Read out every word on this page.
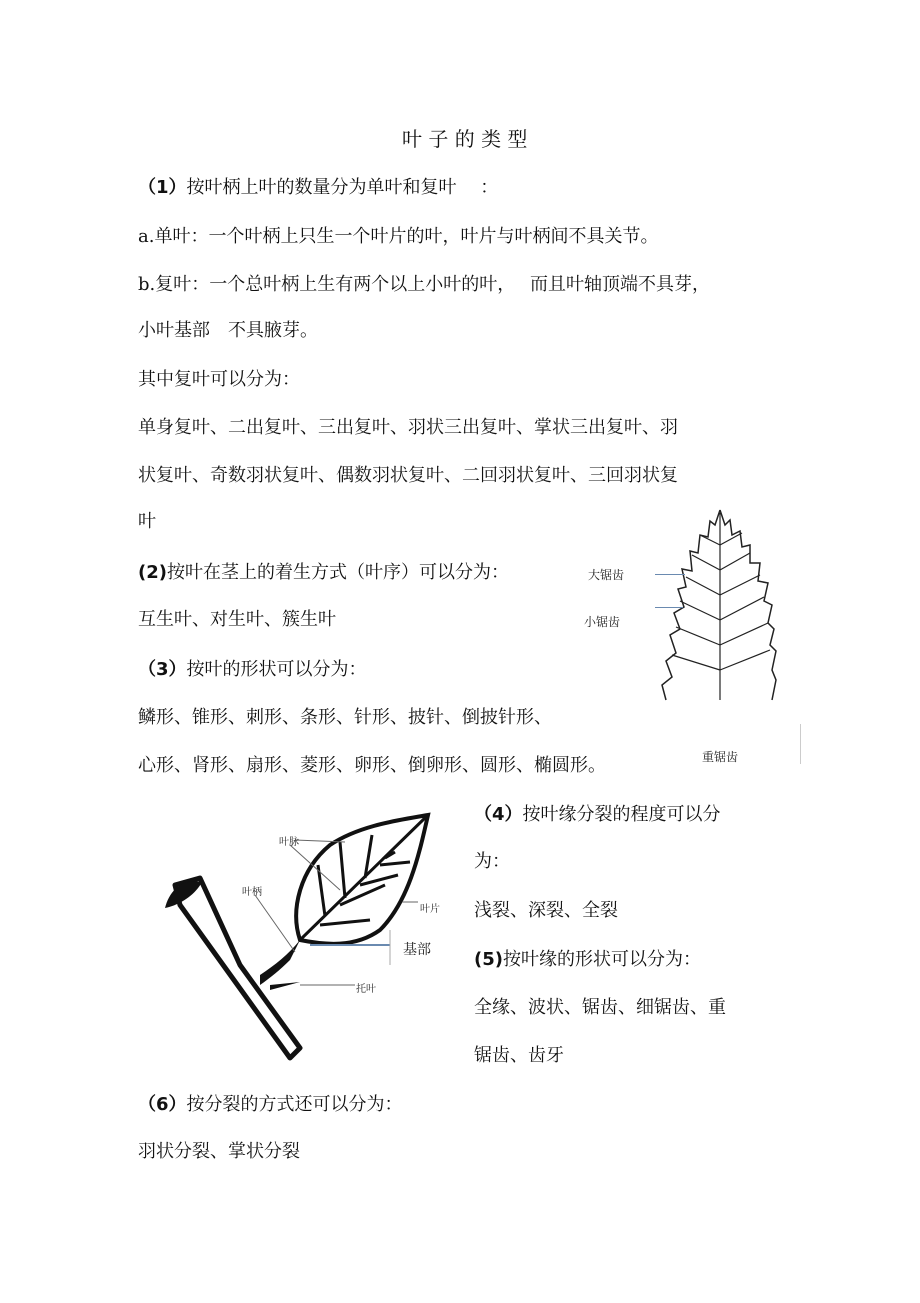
叶 子 的 类 型
（1）按叶柄上叶的数量分为单叶和复叶　 ：
a.单叶：一个叶柄上只生一个叶片的叶，叶片与叶柄间不具关节。
b.复叶：一个总叶柄上生有两个以上小叶的叶，　 而且叶轴顶端不具芽，
小叶基部　不具腋芽。
其中复叶可以分为：
单身复叶、二出复叶、三出复叶、羽状三出复叶、掌状三出复叶、羽
状复叶、奇数羽状复叶、偶数羽状复叶、二回羽状复叶、三回羽状复
叶
(2)按叶在茎上的着生方式（叶序）可以分为：
互生叶、对生叶、簇生叶
（3）按叶的形状可以分为：
鳞形、锥形、刺形、条形、针形、披针、倒披针形、
心形、肾形、扇形、菱形、卵形、倒卵形、圆形、椭圆形。
大锯齿
小锯齿
重锯齿
叶脉
叶柄
叶片
基部
托叶
（4）按叶缘分裂的程度可以分
为：
浅裂、深裂、全裂
(5)按叶缘的形状可以分为：
全缘、波状、锯齿、细锯齿、重
锯齿、齿牙
（6）按分裂的方式还可以分为：
羽状分裂、掌状分裂
